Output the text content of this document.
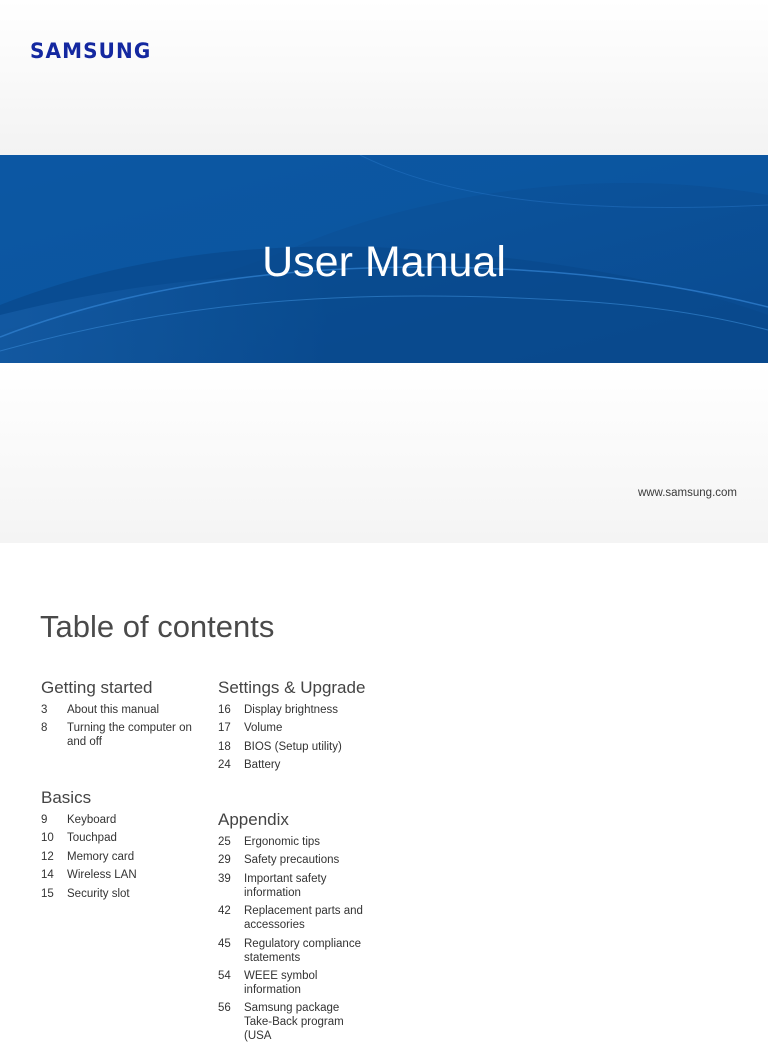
SAMSUNG
User Manual
www.samsung.com
Table of contents
Getting started
3	About this manual
8	Turning the computer on and off
Basics
9	Keyboard
10	Touchpad
12	Memory card
14	Wireless LAN
15	Security slot
Settings & Upgrade
16	Display brightness
17	Volume
18	BIOS (Setup utility)
24	Battery
Appendix
25	Ergonomic tips
29	Safety precautions
39	Important safety information
42	Replacement parts and accessories
45	Regulatory compliance statements
54	WEEE symbol information
56	Samsung package Take-Back program (USA
